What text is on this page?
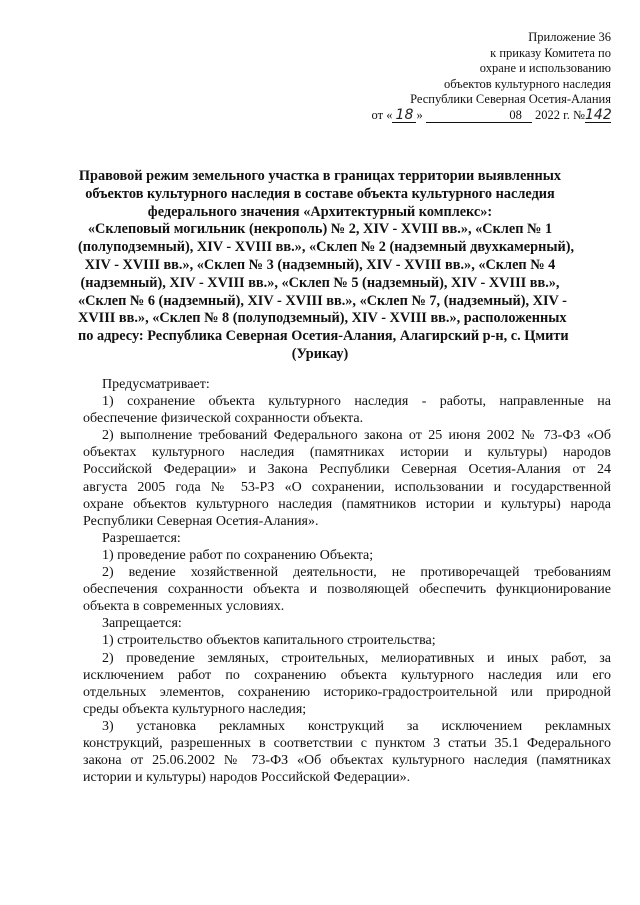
Приложение 36
к приказу Комитета по
охране и использованию
объектов культурного наследия
Республики Северная Осетия-Алания
от « 18 »	08 2022 г. №142
Правовой режим земельного участка в границах территории выявленных
объектов культурного наследия в составе объекта культурного наследия
федерального значения «Архитектурный комплекс»:
«Склеповый могильник (некрополь) № 2, XIV - XVIII вв.», «Склеп № 1
(полуподземный), XIV - XVIII вв.», «Склеп № 2 (надземный двухкамерный),
XIV - XVIII вв.», «Склеп № 3 (надземный), XIV - XVIII вв.», «Склеп № 4
(надземный), XIV - XVIII вв.», «Склеп № 5 (надземный), XIV - XVIII вв.»,
«Склеп № 6 (надземный), XIV - XVIII вв.», «Склеп № 7, (надземный), XIV -
XVIII вв.», «Склеп № 8 (полуподземный), XIV - XVIII вв.», расположенных
по адресу: Республика Северная Осетия-Алания, Алагирский р-н, с. Цмити
(Урикау)
Предусматривает:
1) сохранение объекта культурного наследия - работы, направленные на
обеспечение физической сохранности объекта.
2) выполнение требований Федерального закона от 25 июня 2002 № 73-ФЗ «Об
объектах культурного наследия (памятниках истории и культуры) народов
Российской Федерации» и Закона Республики Северная Осетия-Алания от 24
августа 2005 года № 53-РЗ «О сохранении, использовании и государственной
охране объектов культурного наследия (памятников истории и культуры) народа
Республики Северная Осетия-Алания».
Разрешается:
1) проведение работ по сохранению Объекта;
2) ведение хозяйственной деятельности, не противоречащей требованиям
обеспечения сохранности объекта и позволяющей обеспечить функционирование
объекта в современных условиях.
Запрещается:
1) строительство объектов капитального строительства;
2) проведение земляных, строительных, мелиоративных и иных работ, за
исключением работ по сохранению объекта культурного наследия или его
отдельных элементов, сохранению историко-градостроительной или природной
среды объекта культурного наследия;
3) установка рекламных конструкций за исключением рекламных
конструкций, разрешенных в соответствии с пунктом 3 статьи 35.1 Федерального
закона от 25.06.2002 № 73-ФЗ «Об объектах культурного наследия (памятниках
истории и культуры) народов Российской Федерации».
